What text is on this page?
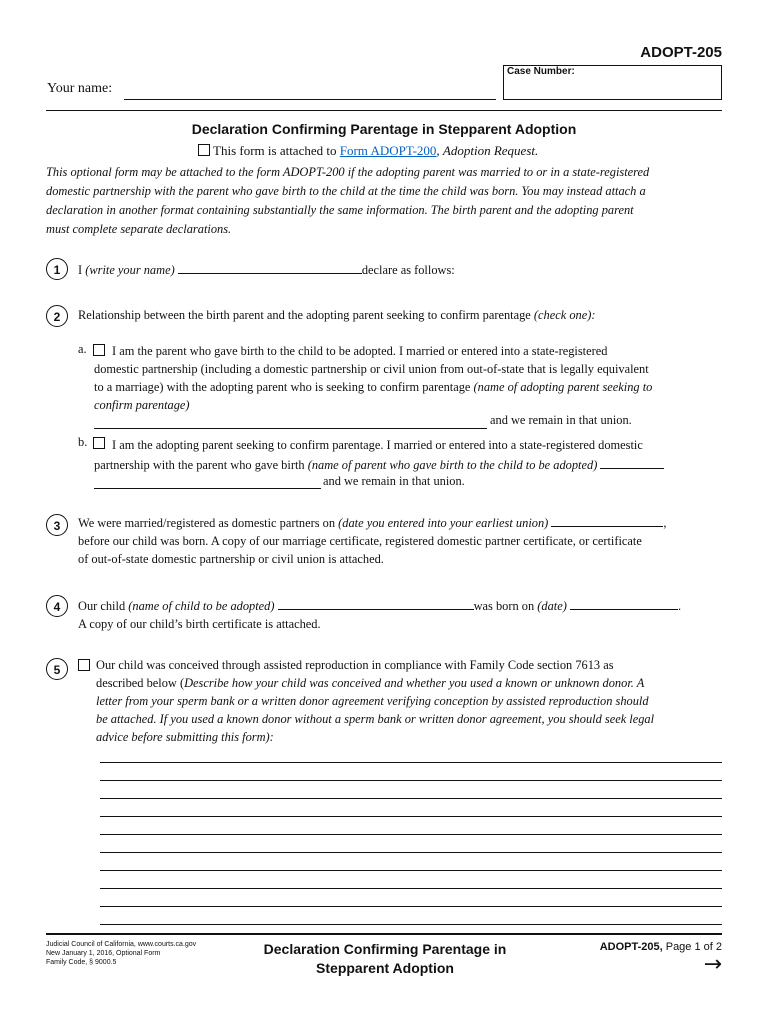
ADOPT-205
Your name:
Case Number:
Declaration Confirming Parentage in Stepparent Adoption
This form is attached to Form ADOPT-200, Adoption Request.
This optional form may be attached to the form ADOPT-200 if the adopting parent was married to or in a state-registered
domestic partnership with the parent who gave birth to the child at the time the child was born. You may instead attach a
declaration in another format containing substantially the same information. The birth parent and the adopting parent
must complete separate declarations.
1	I (write your name)	declare as follows:
2	Relationship between the birth parent and the adopting parent seeking to confirm parentage (check one):
a.	I am the parent who gave birth to the child to be adopted. I married or entered into a state-registered
domestic partnership (including a domestic partnership or civil union from out-of-state that is legally equivalent
to a marriage) with the adopting parent who is seeking to confirm parentage (name of adopting parent seeking to
confirm parentage)
and we remain in that union.
b.	I am the adopting parent seeking to confirm parentage. I married or entered into a state-registered domestic
partnership with the parent who gave birth (name of parent who gave birth to the child to be adopted)
and we remain in that union.
3	We were married/registered as domestic partners on (date you entered into your earliest union)	,
before our child was born. A copy of our marriage certificate, registered domestic partner certificate, or certificate
of out-of-state domestic partnership or civil union is attached.
4	Our child (name of child to be adopted)	was born on (date)	.
A copy of our child’s birth certificate is attached.
5	Our child was conceived through assisted reproduction in compliance with Family Code section 7613 as
described below (Describe how your child was conceived and whether you used a known or unknown donor. A
letter from your sperm bank or a written donor agreement verifying conception by assisted reproduction should
be attached. If you used a known donor without a sperm bank or written donor agreement, you should seek legal
advice before submitting this form):
Judicial Council of California, www.courts.ca.gov
New January 1, 2016, Optional Form
Family Code, § 9000.5
Declaration Confirming Parentage in
Stepparent Adoption
ADOPT-205, Page 1 of 2
→
